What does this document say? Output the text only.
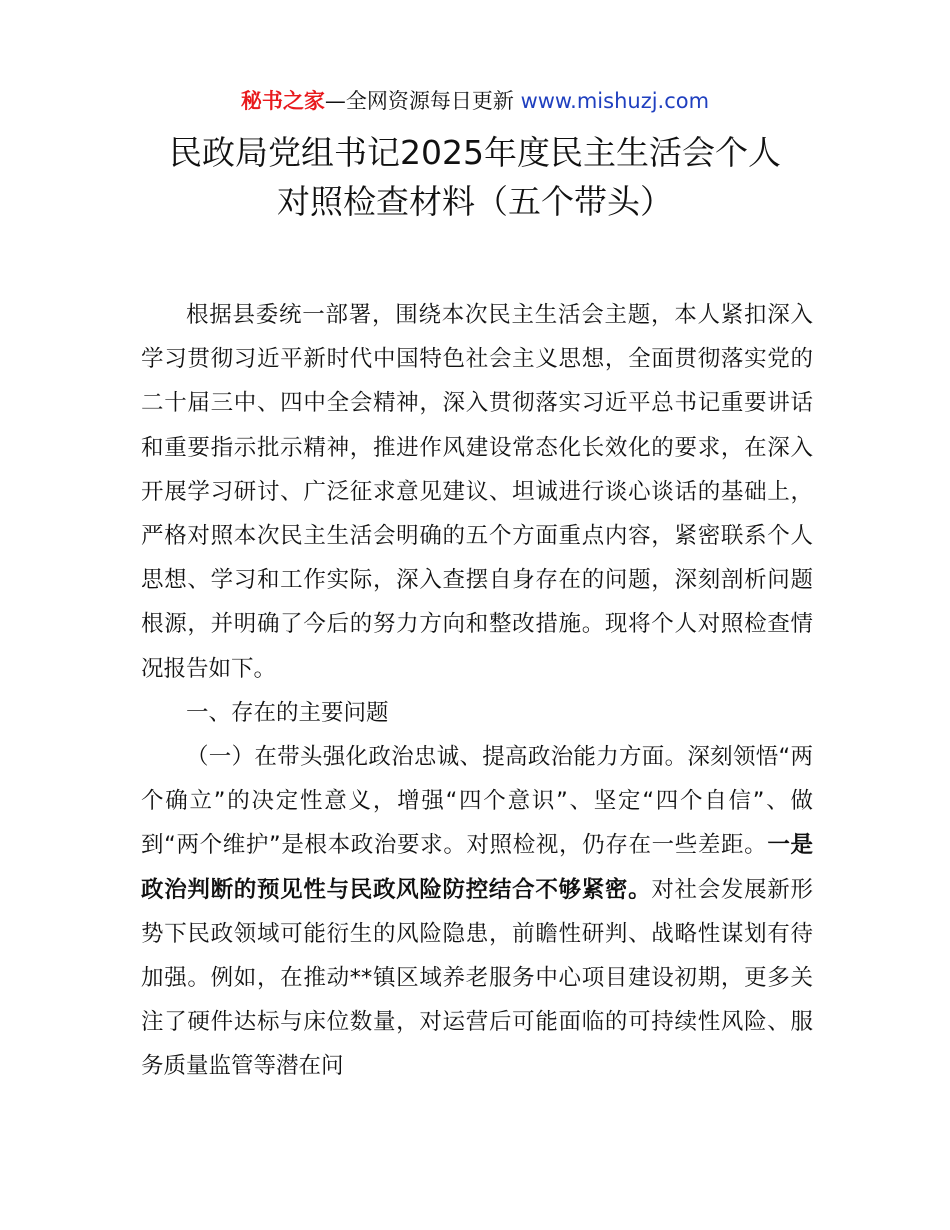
秘书之家—全网资源每日更新 www.mishuzj.com
民政局党组书记2025年度民主生活会个人
对照检查材料（五个带头）

根据县委统一部署，围绕本次民主生活会主题，本人紧扣深入学习贯彻习近平新时代中国特色社会主义思想，全面贯彻落实党的二十届三中、四中全会精神，深入贯彻落实习近平总书记重要讲话和重要指示批示精神，推进作风建设常态化长效化的要求，在深入开展学习研讨、广泛征求意见建议、坦诚进行谈心谈话的基础上，严格对照本次民主生活会明确的五个方面重点内容，紧密联系个人思想、学习和工作实际，深入查摆自身存在的问题，深刻剖析问题根源，并明确了今后的努力方向和整改措施。现将个人对照检查情况报告如下。

一、存在的主要问题

（一）在带头强化政治忠诚、提高政治能力方面。深刻领悟“两个确立”的决定性意义，增强“四个意识”、坚定“四个自信”、做到“两个维护”是根本政治要求。对照检视，仍存在一些差距。一是政治判断的预见性与民政风险防控结合不够紧密。对社会发展新形势下民政领域可能衍生的风险隐患，前瞻性研判、战略性谋划有待加强。例如，在推动**镇区域养老服务中心项目建设初期，更多关注了硬件达标与床位数量，对运营后可能面临的可持续性风险、服务质量监管等潜在问
